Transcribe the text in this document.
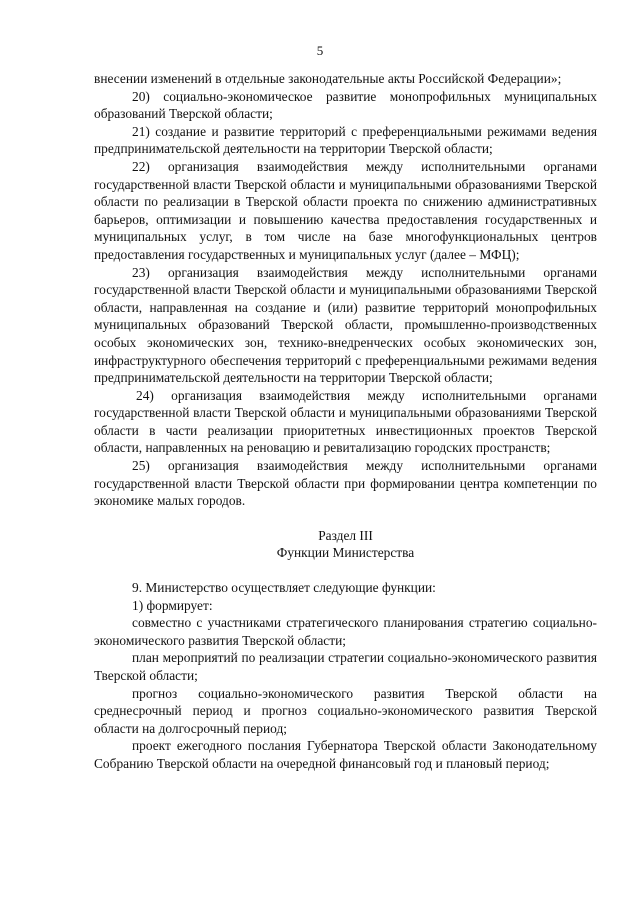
5

внесении изменений в отдельные законодательные акты Российской Федерации»;

20) социально-экономическое развитие монопрофильных муниципальных образований Тверской области;

21) создание и развитие территорий с преференциальными режимами ведения предпринимательской деятельности на территории Тверской области;

22) организация взаимодействия между исполнительными органами государственной власти Тверской области и муниципальными образованиями Тверской области по реализации в Тверской области проекта по снижению административных барьеров, оптимизации и повышению качества предоставления государственных и муниципальных услуг, в том числе на базе многофункциональных центров предоставления государственных и муниципальных услуг (далее – МФЦ);

23) организация взаимодействия между исполнительными органами государственной власти Тверской области и муниципальными образованиями Тверской области, направленная на создание и (или) развитие территорий монопрофильных муниципальных образований Тверской области, промышленно-производственных особых экономических зон, технико-внедренческих особых экономических зон, инфраструктурного обеспечения территорий с преференциальными режимами ведения предпринимательской деятельности на территории Тверской области;

24) организация взаимодействия между исполнительными органами государственной власти Тверской области и муниципальными образованиями Тверской области в части реализации приоритетных инвестиционных проектов Тверской области, направленных на реновацию и ревитализацию городских пространств;

25) организация взаимодействия между исполнительными органами государственной власти Тверской области при формировании центра компетенции по экономике малых городов.

Раздел III

Функции Министерства

9. Министерство осуществляет следующие функции:

1) формирует:

совместно с участниками стратегического планирования стратегию социально-экономического развития Тверской области;

план мероприятий по реализации стратегии социально-экономического развития Тверской области;

прогноз социально-экономического развития Тверской области на среднесрочный период и прогноз социально-экономического развития Тверской области на долгосрочный период;

проект ежегодного послания Губернатора Тверской области Законодательному Собранию Тверской области на очередной финансовый год и плановый период;
